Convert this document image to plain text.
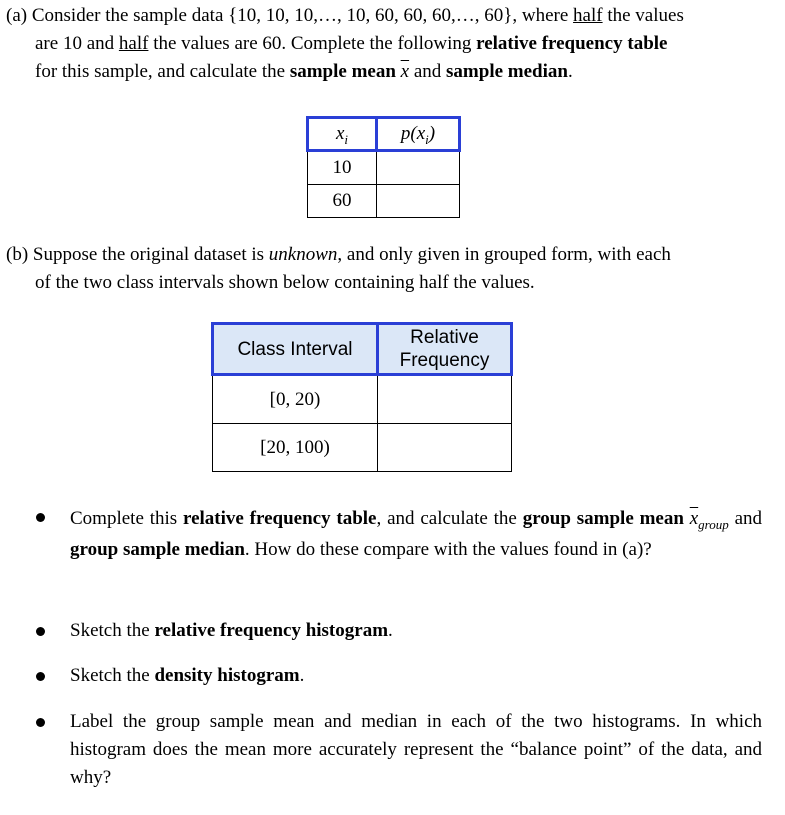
(a) Consider the sample data {10, 10, 10,…, 10, 60, 60, 60,…, 60}, where half the values
are 10 and half the values are 60. Complete the following relative frequency table
for this sample, and calculate the sample mean $\overline{x}$ and sample median.
$x_i$	$p(x_i)$
10	
60	
(b) Suppose the original dataset is unknown, and only given in grouped form, with each
of the two class intervals shown below containing half the values.
Class Interval	Relative
Frequency
[0, 20)	
[20, 100)	
Complete this relative frequency table, and calculate the group sample mean $\overline{x}_{group}$ and group sample median. How do these compare with the values found in (a)?
Sketch the relative frequency histogram.
Sketch the density histogram.
Label the group sample mean and median in each of the two histograms. In which histogram does the mean more accurately represent the “balance point” of the data, and why?
